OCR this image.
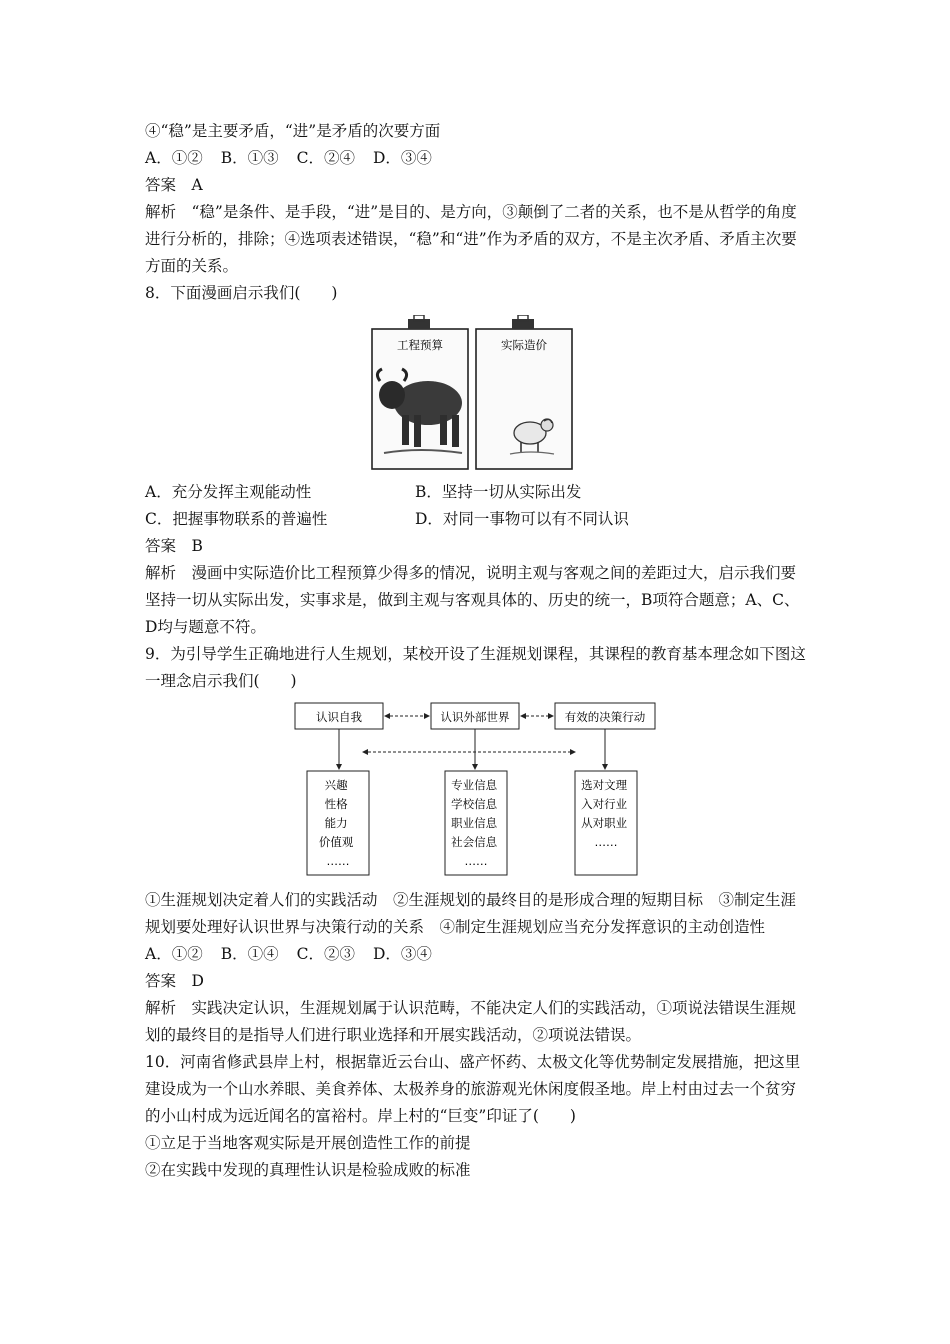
④“稳”是主要矛盾，“进”是矛盾的次要方面
A．①② B．①③ C．②④ D．③④
答案　A
解析　“稳”是条件、是手段，“进”是目的、是方向，③颠倒了二者的关系，也不是从哲学的角度进行分析的，排除；④选项表述错误，“稳”和“进”作为矛盾的双方，不是主次矛盾、矛盾主次要方面的关系。
8．下面漫画启示我们(　　)
工程预算	实际造价
A．充分发挥主观能动性	B．坚持一切从实际出发
C．把握事物联系的普遍性	D．对同一事物可以有不同认识
答案　B
解析　漫画中实际造价比工程预算少得多的情况，说明主观与客观之间的差距过大，启示我们要坚持一切从实际出发，实事求是，做到主观与客观具体的、历史的统一，B项符合题意；A、C、D均与题意不符。
9．为引导学生正确地进行人生规划，某校开设了生涯规划课程，其课程的教育基本理念如下图这一理念启示我们(　　)
认识自我	认识外部世界	有效的决策行动
兴趣 性格 能力 价值观 ……
专业信息 学校信息 职业信息 社会信息 ……
选对文理 入对行业 从对职业 ……
①生涯规划决定着人们的实践活动　②生涯规划的最终目的是形成合理的短期目标　③制定生涯规划要处理好认识世界与决策行动的关系　④制定生涯规划应当充分发挥意识的主动创造性
A．①② B．①④ C．②③ D．③④
答案　D
解析　实践决定认识，生涯规划属于认识范畴，不能决定人们的实践活动，①项说法错误生涯规划的最终目的是指导人们进行职业选择和开展实践活动，②项说法错误。
10．河南省修武县岸上村，根据靠近云台山、盛产怀药、太极文化等优势制定发展措施，把这里建设成为一个山水养眼、美食养体、太极养身的旅游观光休闲度假圣地。岸上村由过去一个贫穷的小山村成为远近闻名的富裕村。岸上村的“巨变”印证了(　　)
①立足于当地客观实际是开展创造性工作的前提
②在实践中发现的真理性认识是检验成败的标准
